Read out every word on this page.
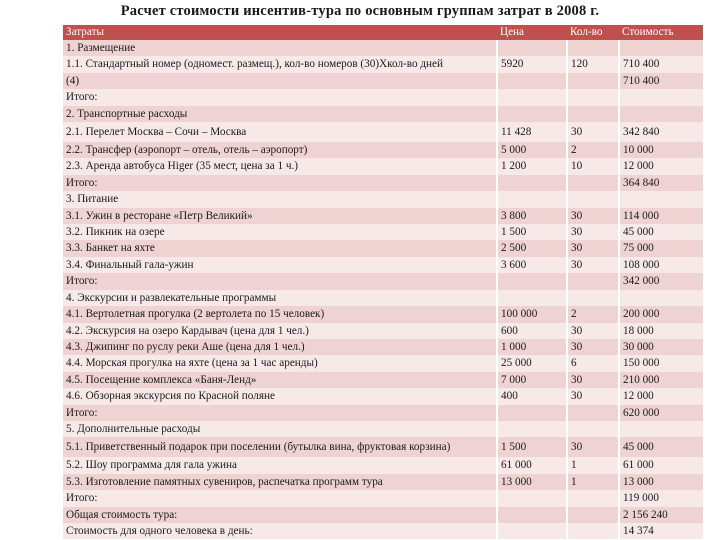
Расчет стоимости инсентив-тура по основным группам затрат в 2008 г.
Затраты	Цена	Кол-во	Стоимость
1. Размещение			
1.1. Стандартный номер (одномест. размещ.), кол-во номеров (30)Хкол-во дней	5920	120	710 400
(4)			710 400
Итого:			
2. Транспортные расходы			
2.1. Перелет Москва – Сочи – Москва	11 428	30	342 840
2.2. Трансфер (аэропорт – отель, отель – аэропорт)	5 000	2	10 000
2.3. Аренда автобуса Higer (35 мест, цена за 1 ч.)	1 200	10	12 000
Итого:			364 840
3. Питание			
3.1. Ужин в ресторане «Петр Великий»	3 800	30	114 000
3.2. Пикник на озере	1 500	30	45 000
3.3. Банкет на яхте	2 500	30	75 000
3.4. Финальный гала-ужин	3 600	30	108 000
Итого:			342 000
4. Экскурсии и развлекательные программы			
4.1. Вертолетная прогулка (2 вертолета по 15 человек)	100 000	2	200 000
4.2. Экскурсия на озеро Кардывач (цена для 1 чел.)	600	30	18 000
4.3. Джипинг по руслу реки Ашe (цена для 1 чел.)	1 000	30	30 000
4.4. Морская прогулка на яхте (цена за 1 час аренды)	25 000	6	150 000
4.5. Посещение комплекса «Баня-Ленд»	7 000	30	210 000
4.6. Обзорная экскурсия по Красной поляне	400	30	12 000
Итого:			620 000
5. Дополнительные расходы			
5.1. Приветственный подарок при поселении (бутылка вина, фруктовая корзина)	1 500	30	45 000
5.2. Шоу программа для гала ужина	61 000	1	61 000
5.3. Изготовление памятных сувениров, распечатка программ тура	13 000	1	13 000
Итого:			119 000
Общая стоимость тура:			2 156 240
Стоимость для одного человека в день:			14 374
